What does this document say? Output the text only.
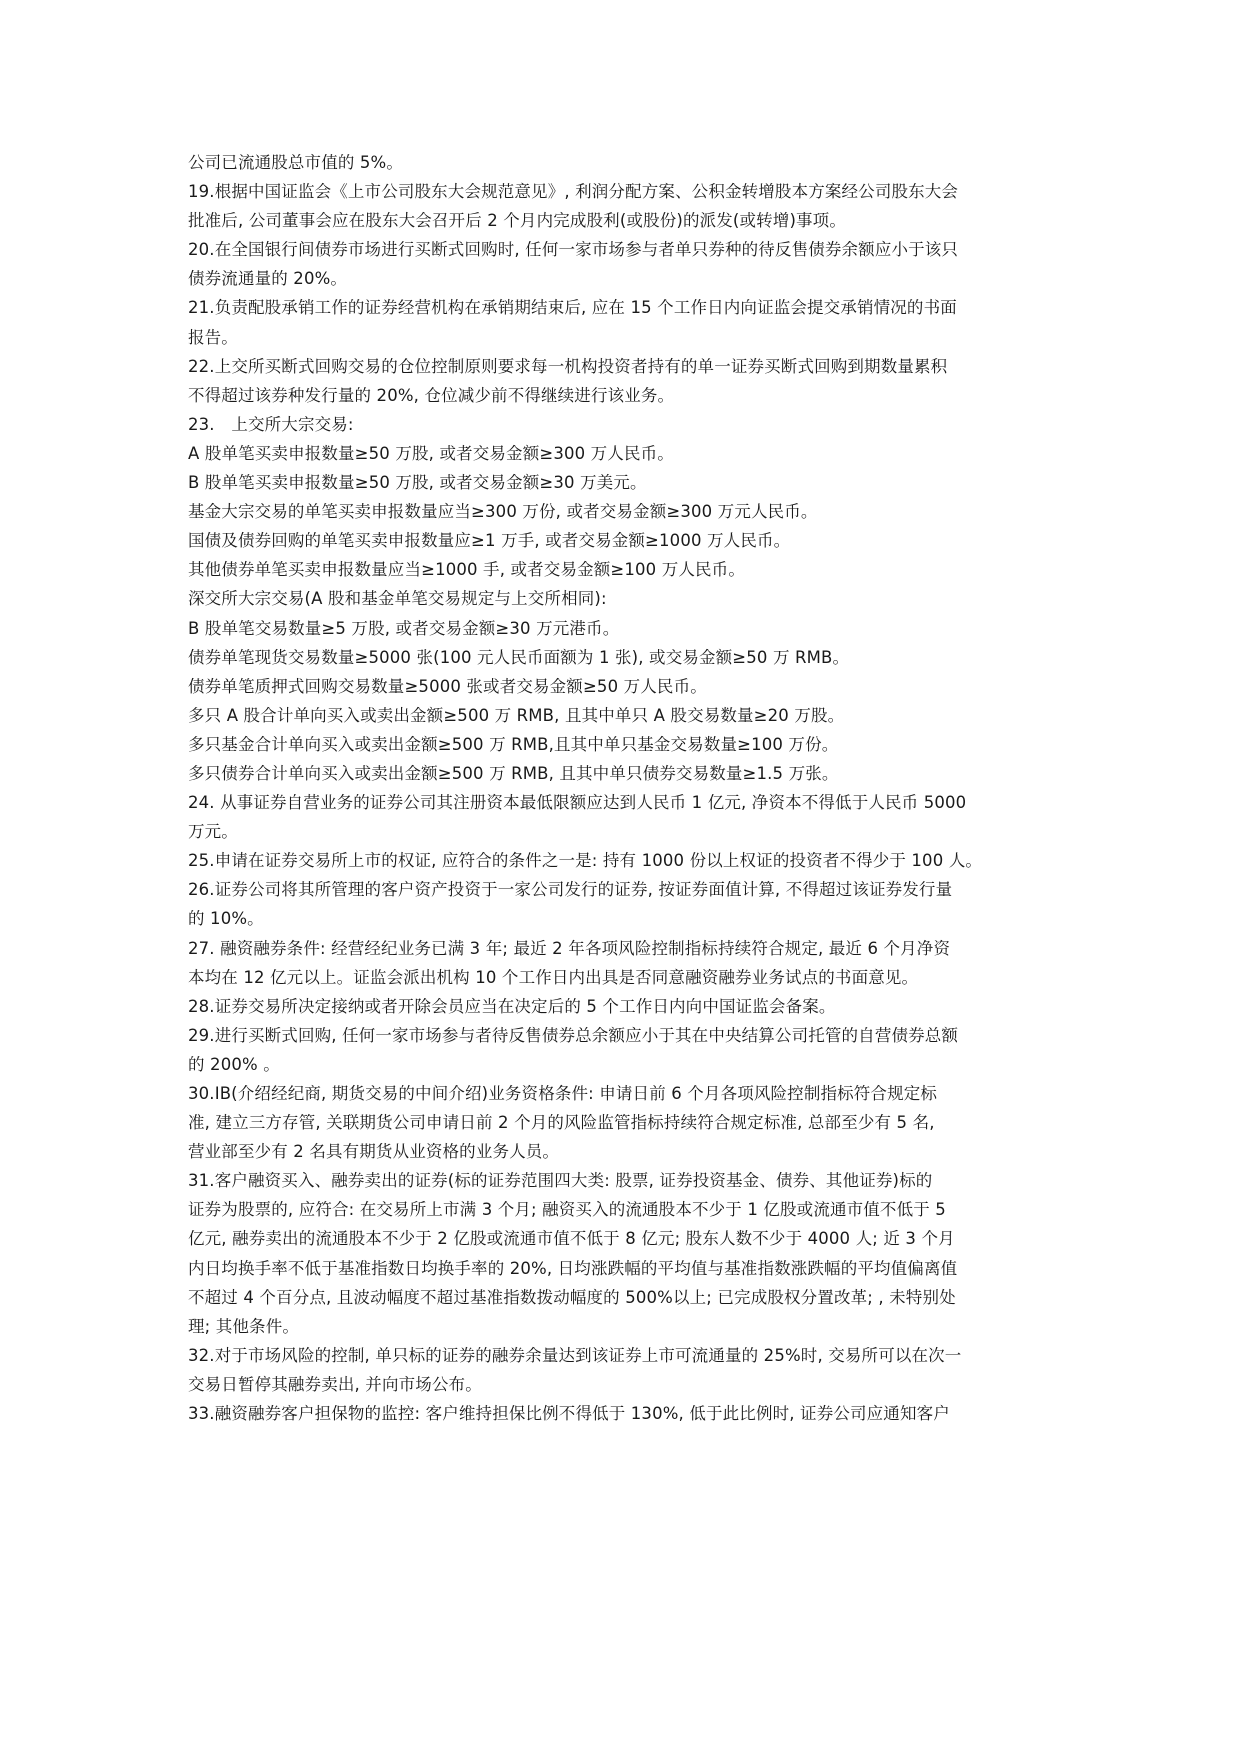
公司已流通股总市值的 5%。
19.根据中国证监会《上市公司股东大会规范意见》, 利润分配方案、公积金转增股本方案经公司股东大会
批准后, 公司董事会应在股东大会召开后 2 个月内完成股利(或股份)的派发(或转增)事项。
20.在全国银行间债券市场进行买断式回购时, 任何一家市场参与者单只券种的待反售债券余额应小于该只
债券流通量的 20%。
21.负责配股承销工作的证券经营机构在承销期结束后, 应在 15 个工作日内向证监会提交承销情况的书面
报告。
22.上交所买断式回购交易的仓位控制原则要求每一机构投资者持有的单一证券买断式回购到期数量累积
不得超过该券种发行量的 20%, 仓位减少前不得继续进行该业务。
23.　上交所大宗交易:
A 股单笔买卖申报数量≥50 万股, 或者交易金额≥300 万人民币。
B 股单笔买卖申报数量≥50 万股, 或者交易金额≥30 万美元。
基金大宗交易的单笔买卖申报数量应当≥300 万份, 或者交易金额≥300 万元人民币。
国债及债券回购的单笔买卖申报数量应≥1 万手, 或者交易金额≥1000 万人民币。
其他债券单笔买卖申报数量应当≥1000 手, 或者交易金额≥100 万人民币。
深交所大宗交易(A 股和基金单笔交易规定与上交所相同):
B 股单笔交易数量≥5 万股, 或者交易金额≥30 万元港币。
债券单笔现货交易数量≥5000 张(100 元人民币面额为 1 张), 或交易金额≥50 万 RMB。
债券单笔质押式回购交易数量≥5000 张或者交易金额≥50 万人民币。
多只 A 股合计单向买入或卖出金额≥500 万 RMB, 且其中单只 A 股交易数量≥20 万股。
多只基金合计单向买入或卖出金额≥500 万 RMB,且其中单只基金交易数量≥100 万份。
多只债券合计单向买入或卖出金额≥500 万 RMB, 且其中单只债券交易数量≥1.5 万张。
24. 从事证券自营业务的证券公司其注册资本最低限额应达到人民币 1 亿元, 净资本不得低于人民币 5000
万元。
25.申请在证券交易所上市的权证, 应符合的条件之一是: 持有 1000 份以上权证的投资者不得少于 100 人。
26.证券公司将其所管理的客户资产投资于一家公司发行的证券, 按证券面值计算, 不得超过该证券发行量
的 10%。
27. 融资融券条件: 经营经纪业务已满 3 年; 最近 2 年各项风险控制指标持续符合规定, 最近 6 个月净资
本均在 12 亿元以上。证监会派出机构 10 个工作日内出具是否同意融资融券业务试点的书面意见。
28.证券交易所决定接纳或者开除会员应当在决定后的 5 个工作日内向中国证监会备案。
29.进行买断式回购, 任何一家市场参与者待反售债券总余额应小于其在中央结算公司托管的自营债券总额
的 200% 。
30.IB(介绍经纪商, 期货交易的中间介绍)业务资格条件: 申请日前 6 个月各项风险控制指标符合规定标
准, 建立三方存管, 关联期货公司申请日前 2 个月的风险监管指标持续符合规定标准, 总部至少有 5 名,
营业部至少有 2 名具有期货从业资格的业务人员。
31.客户融资买入、融券卖出的证券(标的证券范围四大类: 股票, 证券投资基金、债券、其他证券)标的
证券为股票的, 应符合: 在交易所上市满 3 个月; 融资买入的流通股本不少于 1 亿股或流通市值不低于 5
亿元, 融券卖出的流通股本不少于 2 亿股或流通市值不低于 8 亿元; 股东人数不少于 4000 人; 近 3 个月
内日均换手率不低于基准指数日均换手率的 20%, 日均涨跌幅的平均值与基准指数涨跌幅的平均值偏离值
不超过 4 个百分点, 且波动幅度不超过基准指数拨动幅度的 500%以上; 已完成股权分置改革; , 未特别处
理; 其他条件。
32.对于市场风险的控制, 单只标的证券的融券余量达到该证券上市可流通量的 25%时, 交易所可以在次一
交易日暂停其融券卖出, 并向市场公布。
33.融资融券客户担保物的监控: 客户维持担保比例不得低于 130%, 低于此比例时, 证券公司应通知客户
